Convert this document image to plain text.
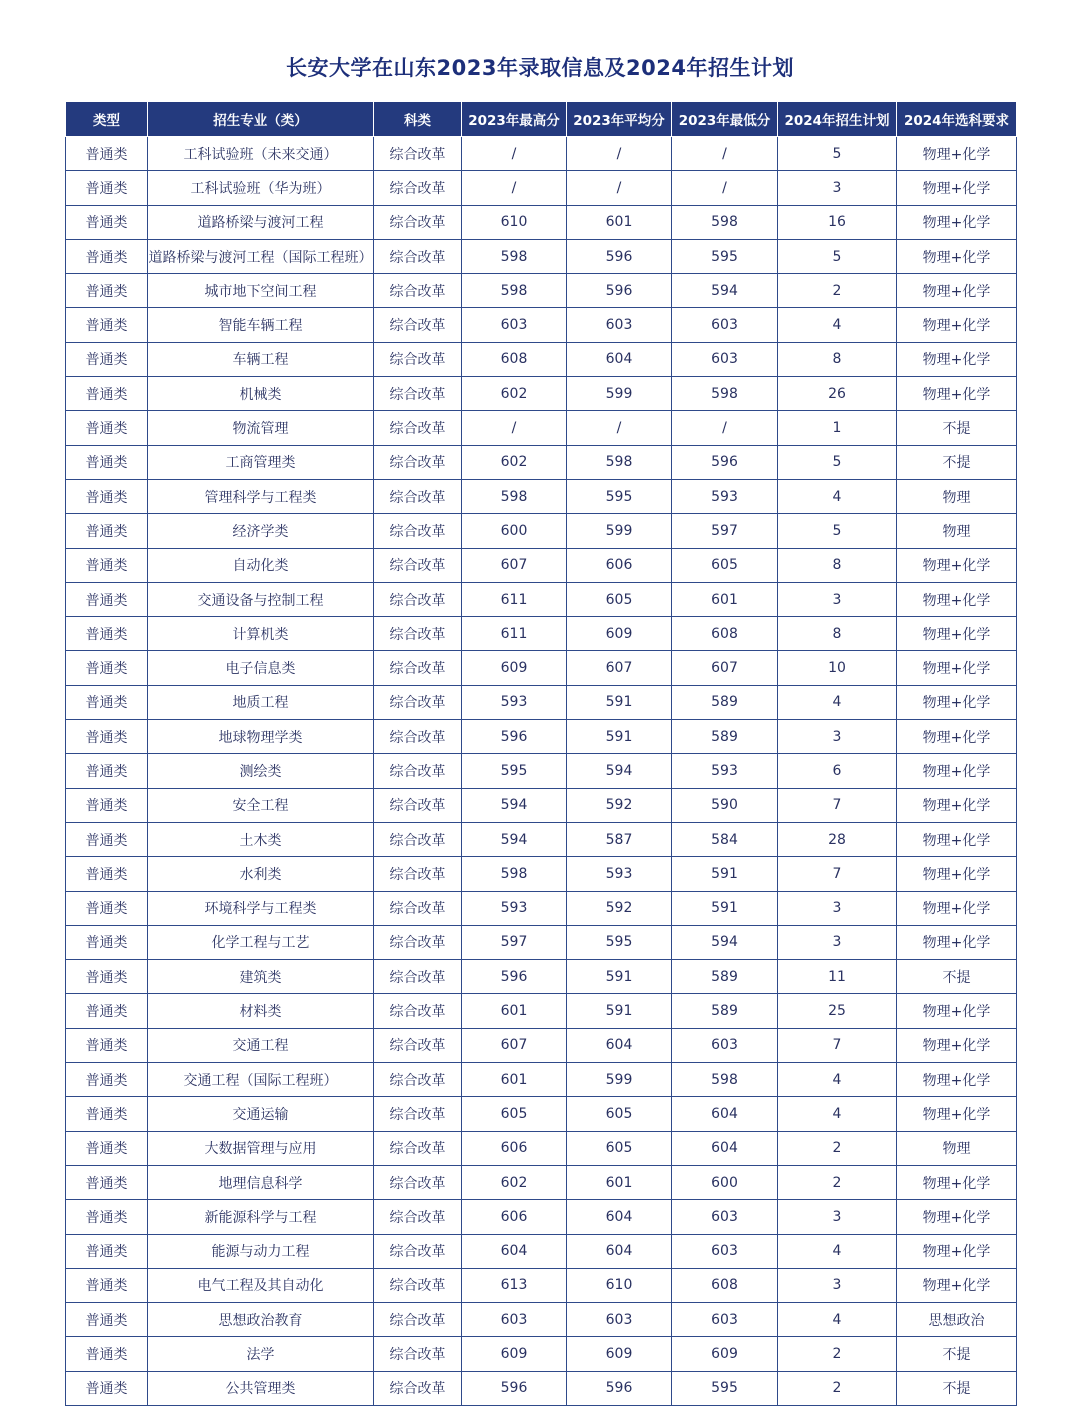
长安大学在山东2023年录取信息及2024年招生计划
类型	招生专业（类）	科类	2023年最高分	2023年平均分	2023年最低分	2024年招生计划	2024年选科要求
普通类	工科试验班（未来交通）	综合改革	/	/	/	5	物理+化学
普通类	工科试验班（华为班）	综合改革	/	/	/	3	物理+化学
普通类	道路桥梁与渡河工程	综合改革	610	601	598	16	物理+化学
普通类	道路桥梁与渡河工程（国际工程班）	综合改革	598	596	595	5	物理+化学
普通类	城市地下空间工程	综合改革	598	596	594	2	物理+化学
普通类	智能车辆工程	综合改革	603	603	603	4	物理+化学
普通类	车辆工程	综合改革	608	604	603	8	物理+化学
普通类	机械类	综合改革	602	599	598	26	物理+化学
普通类	物流管理	综合改革	/	/	/	1	不提
普通类	工商管理类	综合改革	602	598	596	5	不提
普通类	管理科学与工程类	综合改革	598	595	593	4	物理
普通类	经济学类	综合改革	600	599	597	5	物理
普通类	自动化类	综合改革	607	606	605	8	物理+化学
普通类	交通设备与控制工程	综合改革	611	605	601	3	物理+化学
普通类	计算机类	综合改革	611	609	608	8	物理+化学
普通类	电子信息类	综合改革	609	607	607	10	物理+化学
普通类	地质工程	综合改革	593	591	589	4	物理+化学
普通类	地球物理学类	综合改革	596	591	589	3	物理+化学
普通类	测绘类	综合改革	595	594	593	6	物理+化学
普通类	安全工程	综合改革	594	592	590	7	物理+化学
普通类	土木类	综合改革	594	587	584	28	物理+化学
普通类	水利类	综合改革	598	593	591	7	物理+化学
普通类	环境科学与工程类	综合改革	593	592	591	3	物理+化学
普通类	化学工程与工艺	综合改革	597	595	594	3	物理+化学
普通类	建筑类	综合改革	596	591	589	11	不提
普通类	材料类	综合改革	601	591	589	25	物理+化学
普通类	交通工程	综合改革	607	604	603	7	物理+化学
普通类	交通工程（国际工程班）	综合改革	601	599	598	4	物理+化学
普通类	交通运输	综合改革	605	605	604	4	物理+化学
普通类	大数据管理与应用	综合改革	606	605	604	2	物理
普通类	地理信息科学	综合改革	602	601	600	2	物理+化学
普通类	新能源科学与工程	综合改革	606	604	603	3	物理+化学
普通类	能源与动力工程	综合改革	604	604	603	4	物理+化学
普通类	电气工程及其自动化	综合改革	613	610	608	3	物理+化学
普通类	思想政治教育	综合改革	603	603	603	4	思想政治
普通类	法学	综合改革	609	609	609	2	不提
普通类	公共管理类	综合改革	596	596	595	2	不提
